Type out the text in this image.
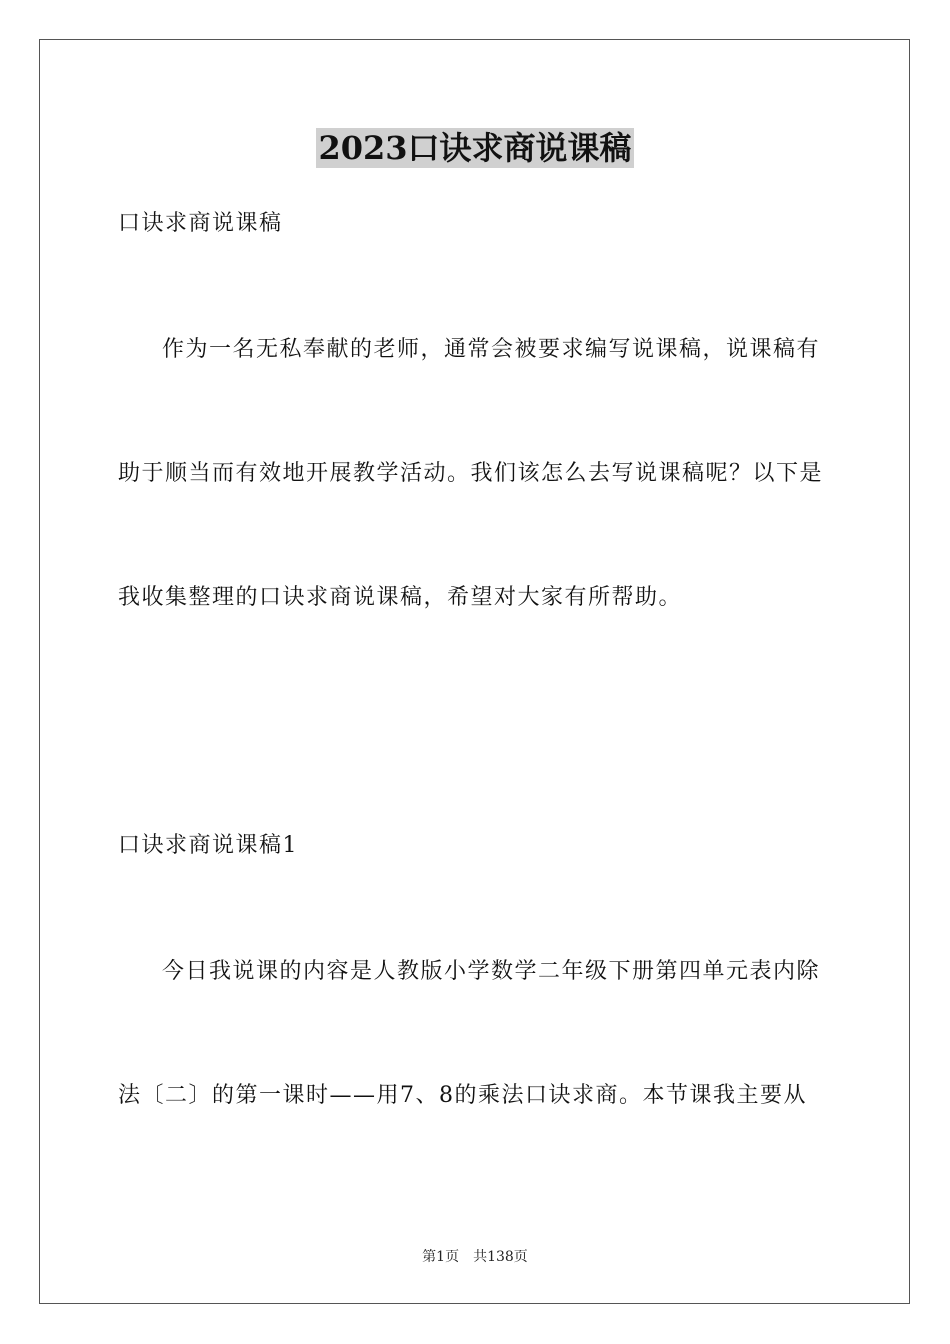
2023口诀求商说课稿
口诀求商说课稿
作为一名无私奉献的老师，通常会被要求编写说课稿，说课稿有
助于顺当而有效地开展教学活动。我们该怎么去写说课稿呢？以下是
我收集整理的口诀求商说课稿，希望对大家有所帮助。
口诀求商说课稿1
今日我说课的内容是人教版小学数学二年级下册第四单元表内除
法〔二〕的第一课时——用7、8的乘法口诀求商。本节课我主要从
第1页　共138页
